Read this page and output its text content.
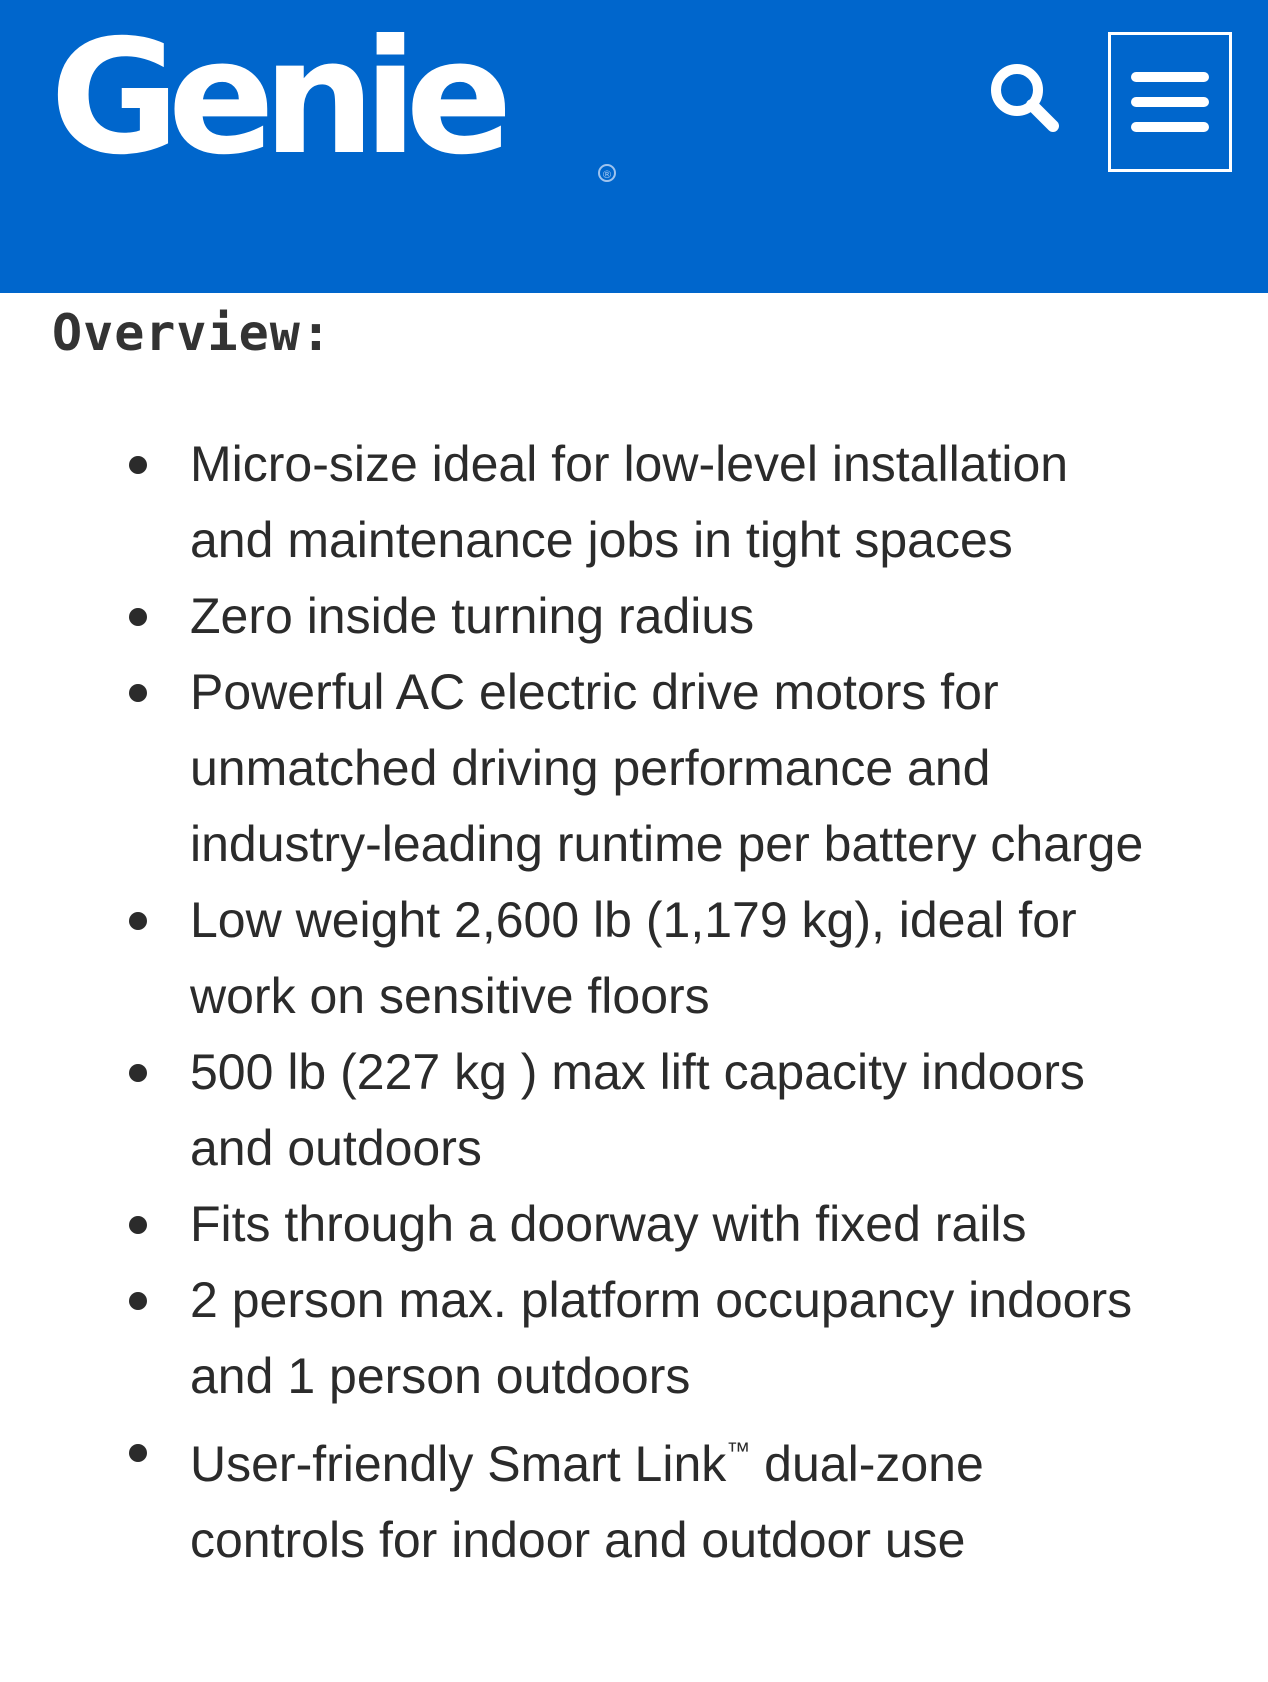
Genie	®
Overview:
Micro-size ideal for low-level installation and maintenance jobs in tight spaces
Zero inside turning radius
Powerful AC electric drive motors for unmatched driving performance and industry-leading runtime per battery charge
Low weight 2,600 lb (1,179 kg), ideal for work on sensitive floors
500 lb (227 kg ) max lift capacity indoors and outdoors
Fits through a doorway with fixed rails
2 person max. platform occupancy indoors and 1 person outdoors
User-friendly Smart Link™ dual-zone controls for indoor and outdoor use
